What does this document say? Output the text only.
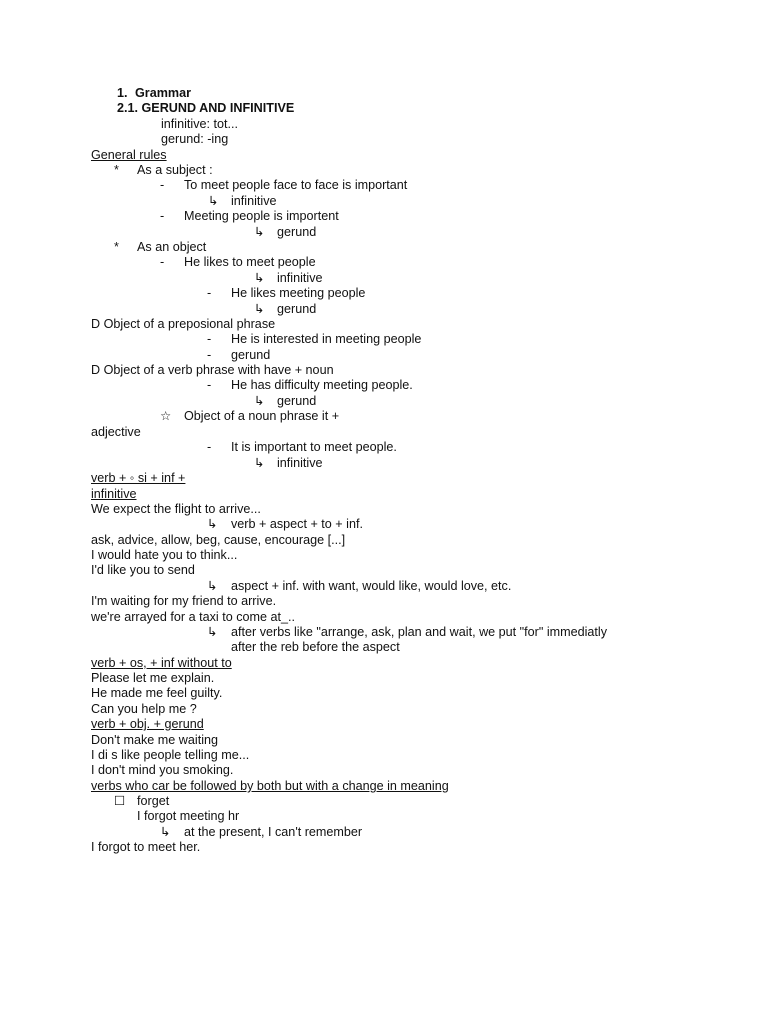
1. Grammar
2.1. GERUND AND INFINITIVE
infinitive: tot...
gerund: -ing
General rules
* As a subject :
- To meet people face to face is important
↳ infinitive
- Meeting people is importent
↳ gerund
* As an object
- He likes to meet people
↳ infinitive
- He likes meeting people
↳ gerund
D Object of a preposional phrase
- He is interested in meeting people
- gerund
D Object of a verb phrase with have + noun
- He has difficulty meeting people.
↳ gerund
☆ Object of a noun phrase it +
adjective
- It is important to meet people.
↳ infinitive
verb + ◦ si + inf +
infinitive
We expect the flight to arrive...
↳ verb + aspect + to + inf.
ask, advice, allow, beg, cause, encourage [...]
I would hate you to think...
I'd like you to send
↳ aspect + inf. with want, would like, would love, etc.
I'm waiting for my friend to arrive.
we're arrayed for a taxi to come at_..
↳ after verbs like "arrange, ask, plan and wait, we put "for" immediatly
after the reb before the aspect
verb + os, + inf without to
Please let me explain.
He made me feel guilty.
Can you help me ?
verb + obj. + gerund
Don't make me waiting
I di s like people telling me...
I don't mind you smoking.
verbs who car be followed by both but with a change in meaning
☐ forget
I forgot meeting hr
↳ at the present, I can't remember
I forgot to meet her.
